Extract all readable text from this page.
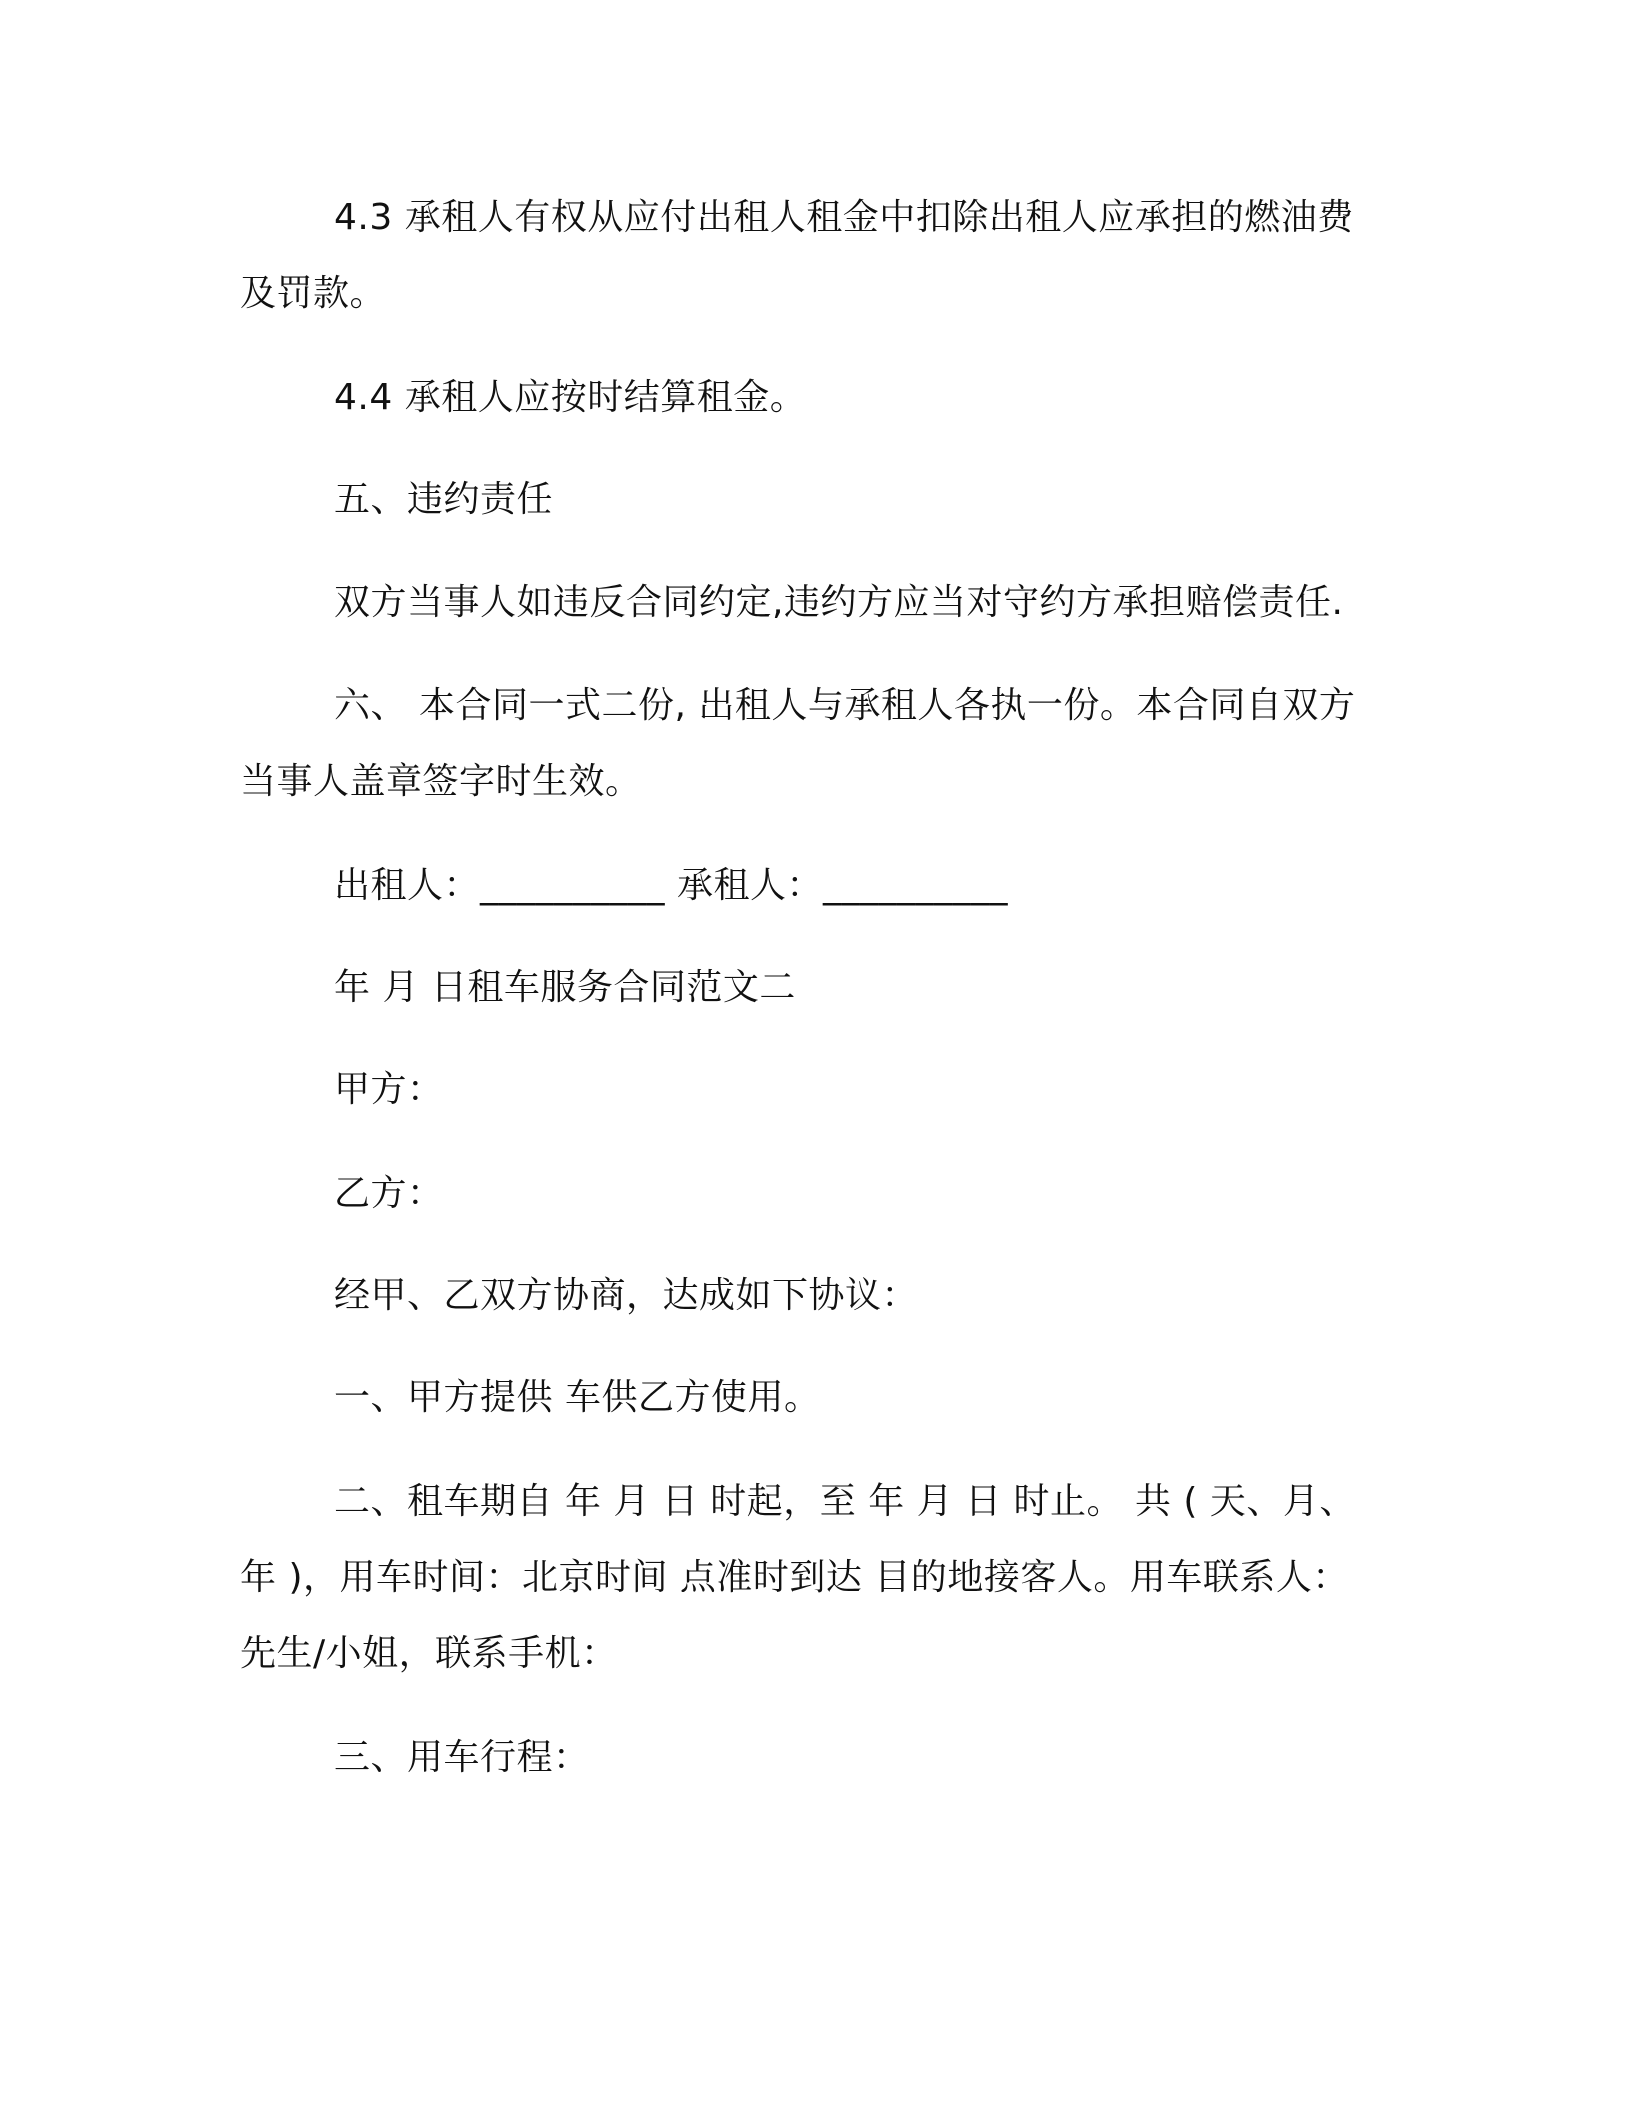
4.3 承租人有权从应付出租人租金中扣除出租人应承担的燃油费
及罚款。
4.4 承租人应按时结算租金。
五、违约责任
双方当事人如违反合同约定,违约方应当对守约方承担赔偿责任.
六、 本合同一式二份, 出租人与承租人各执一份。本合同自双方
当事人盖章签字时生效。
出租人：__________ 承租人：__________
年 月 日租车服务合同范文二
甲方：
乙方：
经甲、乙双方协商，达成如下协议：
一、甲方提供 车供乙方使用。
二、租车期自 年 月 日 时起，至 年 月 日 时止。 共 ( 天、月、
年 )，用车时间：北京时间 点准时到达 目的地接客人。用车联系人：
先生/小姐，联系手机：
三、用车行程：
